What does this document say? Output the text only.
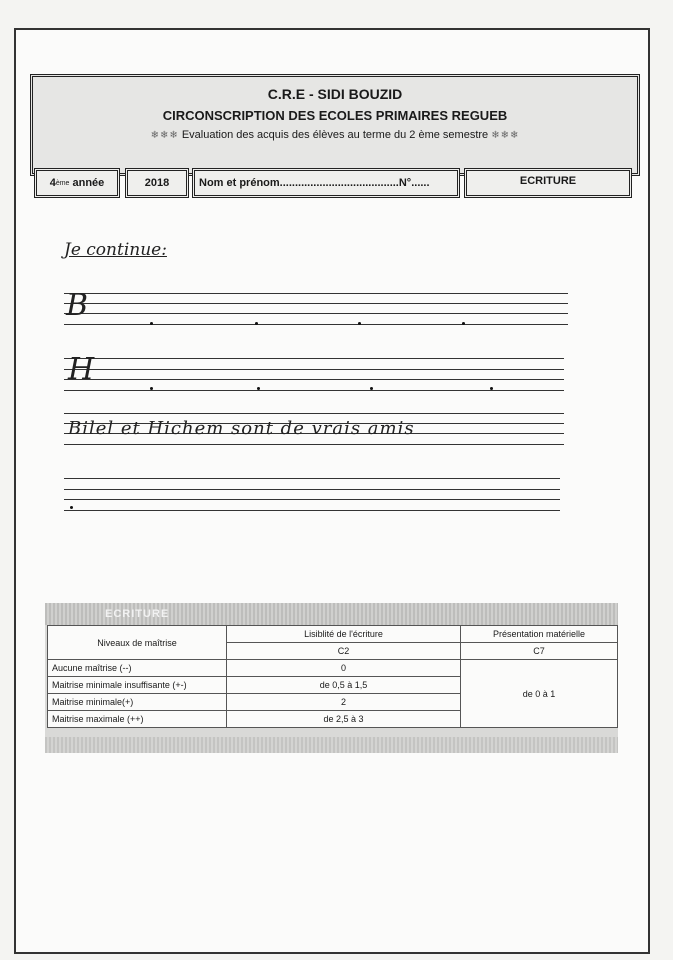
C.R.E - SIDI BOUZID
CIRCONSCRIPTION DES ECOLES PRIMAIRES REGUEB
❄❄❄ Evaluation des acquis des élèves au terme du 2 ème semestre ❄❄❄
4 ème
année	2018	Nom et prénom.......................................N°......	ECRITURE
Je continue:
B
H
Bilel et Hichem sont de vrais amis
ECRITURE
Niveaux de maîtrise	Lisiblité de l'écriture	Présentation matérielle
	C2	C7
Aucune maîtrise (--)	0	de 0 à 1
Maitrise minimale insuffisante (+-)	de 0,5 à 1,5	
Maitrise minimale(+)	2	
Maitrise maximale (++)	de 2,5 à 3	
